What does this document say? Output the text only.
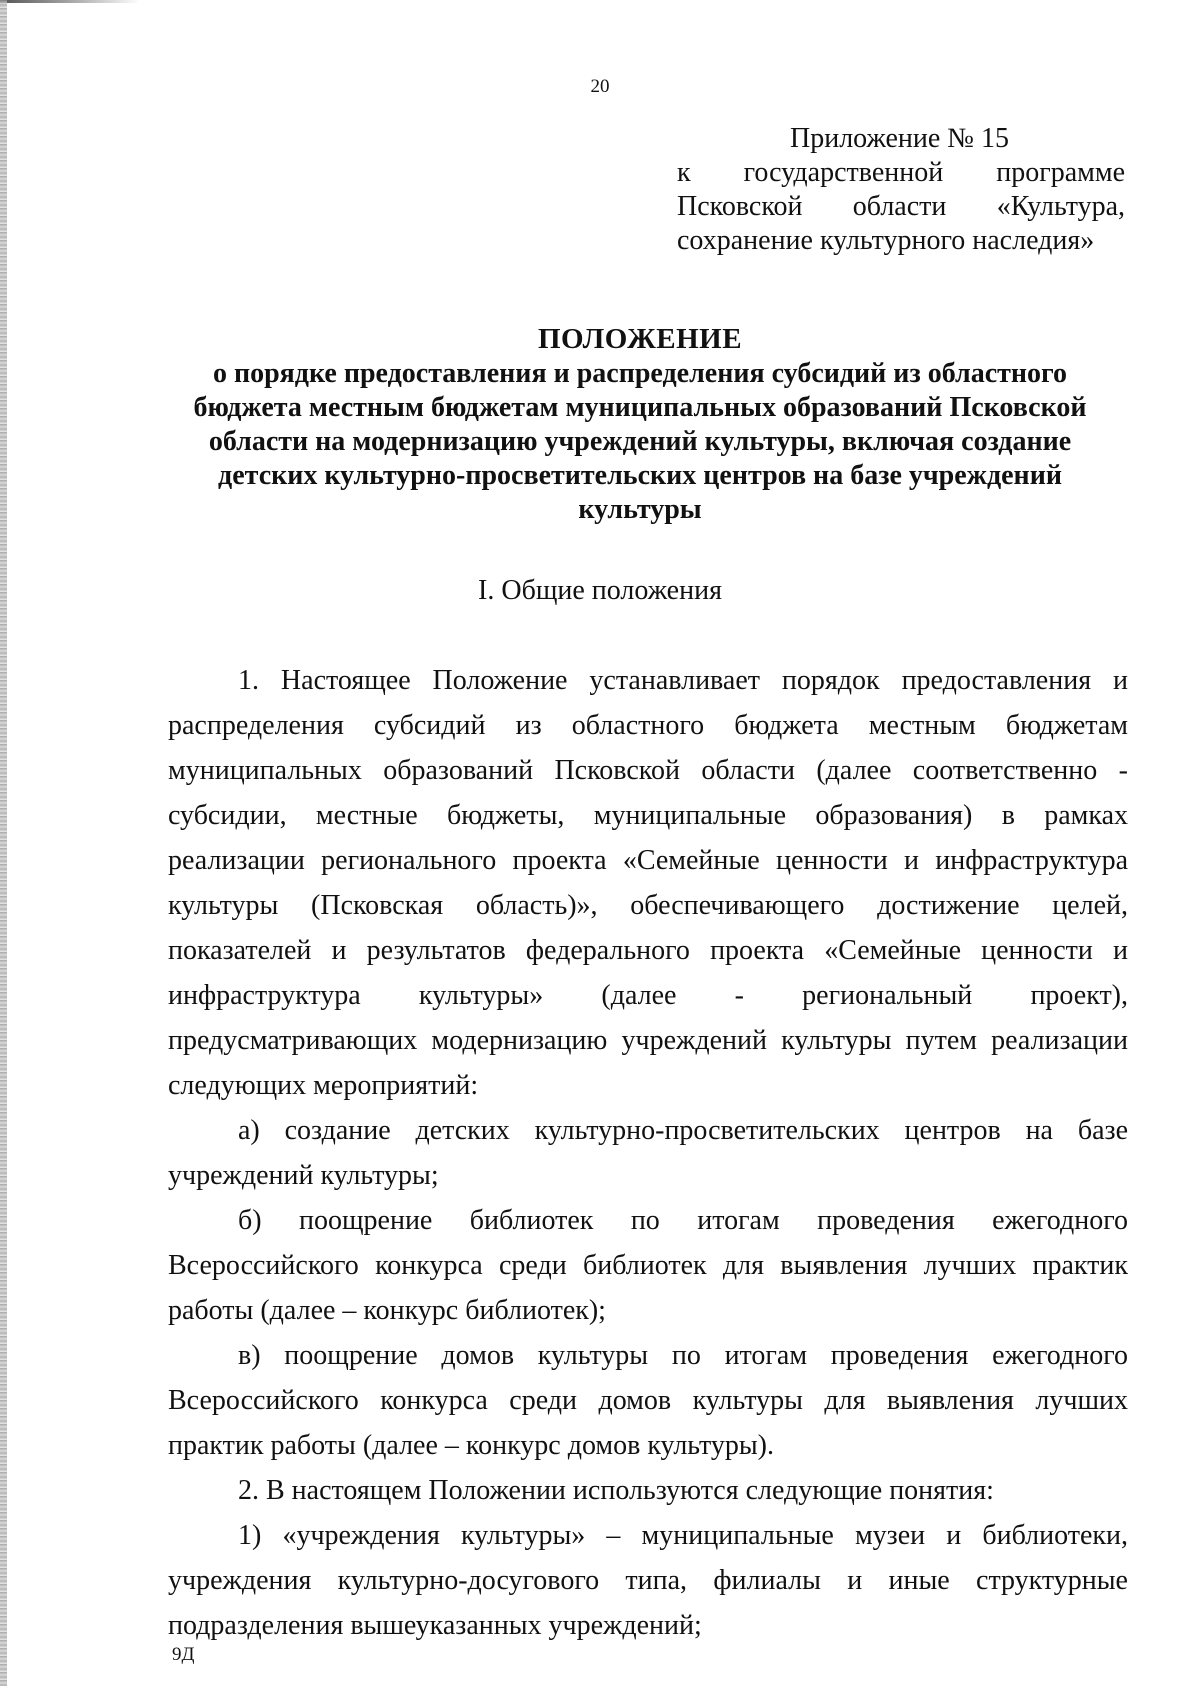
20
Приложение № 15
к государственной программе
Псковской области «Культура,
сохранение культурного наследия»
ПОЛОЖЕНИЕ
о порядке предоставления и распределения субсидий из областного бюджета местным бюджетам муниципальных образований Псковской области на модернизацию учреждений культуры, включая создание детских культурно-просветительских центров на базе учреждений культуры
I. Общие положения

1. Настоящее Положение устанавливает порядок предоставления и распределения субсидий из областного бюджета местным бюджетам муниципальных образований Псковской области (далее соответственно - субсидии, местные бюджеты, муниципальные образования) в рамках реализации регионального проекта «Семейные ценности и инфраструктура культуры (Псковская область)», обеспечивающего достижение целей, показателей и результатов федерального проекта «Семейные ценности и инфраструктура культуры» (далее - региональный проект), предусматривающих модернизацию учреждений культуры путем реализации следующих мероприятий:

а) создание детских культурно-просветительских центров на базе учреждений культуры;

б) поощрение библиотек по итогам проведения ежегодного Всероссийского конкурса среди библиотек для выявления лучших практик работы (далее – конкурс библиотек);

в) поощрение домов культуры по итогам проведения ежегодного Всероссийского конкурса среди домов культуры для выявления лучших практик работы (далее – конкурс домов культуры).

2. В настоящем Положении используются следующие понятия:

1) «учреждения культуры» – муниципальные музеи и библиотеки, учреждения культурно-досугового типа, филиалы и иные структурные подразделения вышеуказанных учреждений;

9Д
